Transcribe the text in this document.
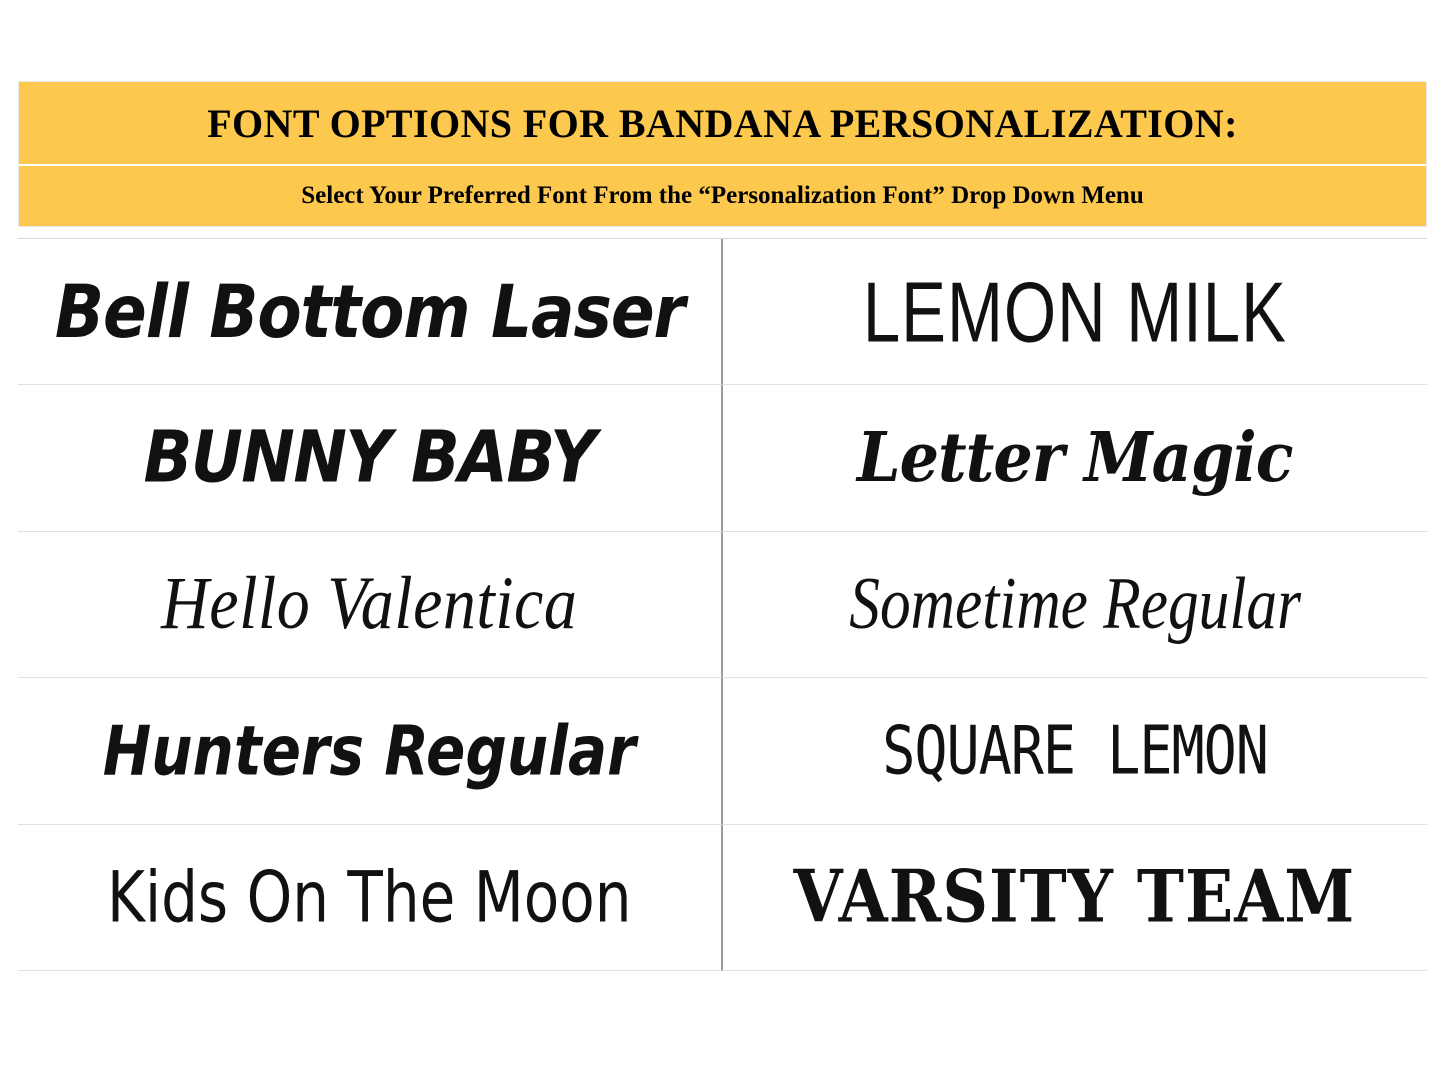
FONT OPTIONS FOR BANDANA PERSONALIZATION:
Select Your Preferred Font From the “Personalization Font” Drop Down Menu
Bell Bottom Laser	LEMON MILK
BUNNY BABY	Letter Magic
Hello Valentica	Sometime Regular
Hunters Regular	SQUARE LEMON
Kids On The Moon	VARSITY TEAM
